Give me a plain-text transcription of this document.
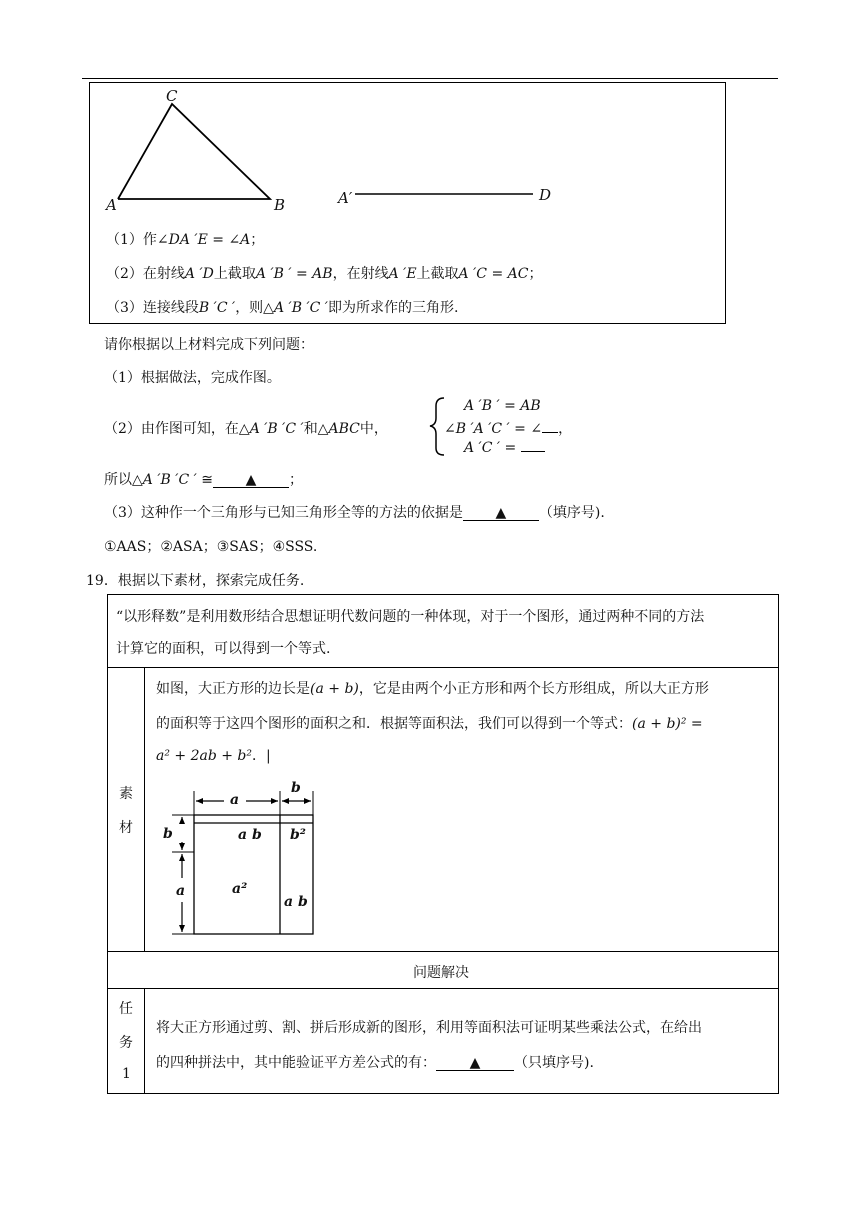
C
A	B	A′	D
（1）作∠DA ′E = ∠A；
（2）在射线A ′D上截取A ′B ′ = AB，在射线A ′E上截取A ′C = AC；
（3）连接线段B ′C ′，则△A ′B ′C ′即为所求作的三角形.
请你根据以上材料完成下列问题：
（1）根据做法，完成作图。
（2）由作图可知，在△A ′B ′C ′和△ABC中，
A ′B ′ = AB
∠B ′A ′C ′ = ∠ ，
A ′C ′ =
所以△A ′B ′C ′ ≅ ▲ ；
（3）这种作一个三角形与已知三角形全等的方法的依据是 ▲ （填序号).
①AAS；②ASA；③SAS；④SSS.
19．根据以下素材，探索完成任务.
“以形释数”是利用数形结合思想证明代数问题的一种体现，对于一个图形，通过两种不同的方法
计算它的面积，可以得到一个等式.
素
材
如图，大正方形的边长是(a + b)，它是由两个小正方形和两个长方形组成，所以大正方形
的面积等于这四个图形的面积之和．根据等面积法，我们可以得到一个等式：(a + b)² =
a² + 2ab + b²．|
a
b
b
a
a b b²
a²
a b
问题解决
任
务
1
将大正方形通过剪、割、拼后形成新的图形，利用等面积法可证明某些乘法公式，在给出
的四种拼法中，其中能验证平方差公式的有： ▲ （只填序号).
